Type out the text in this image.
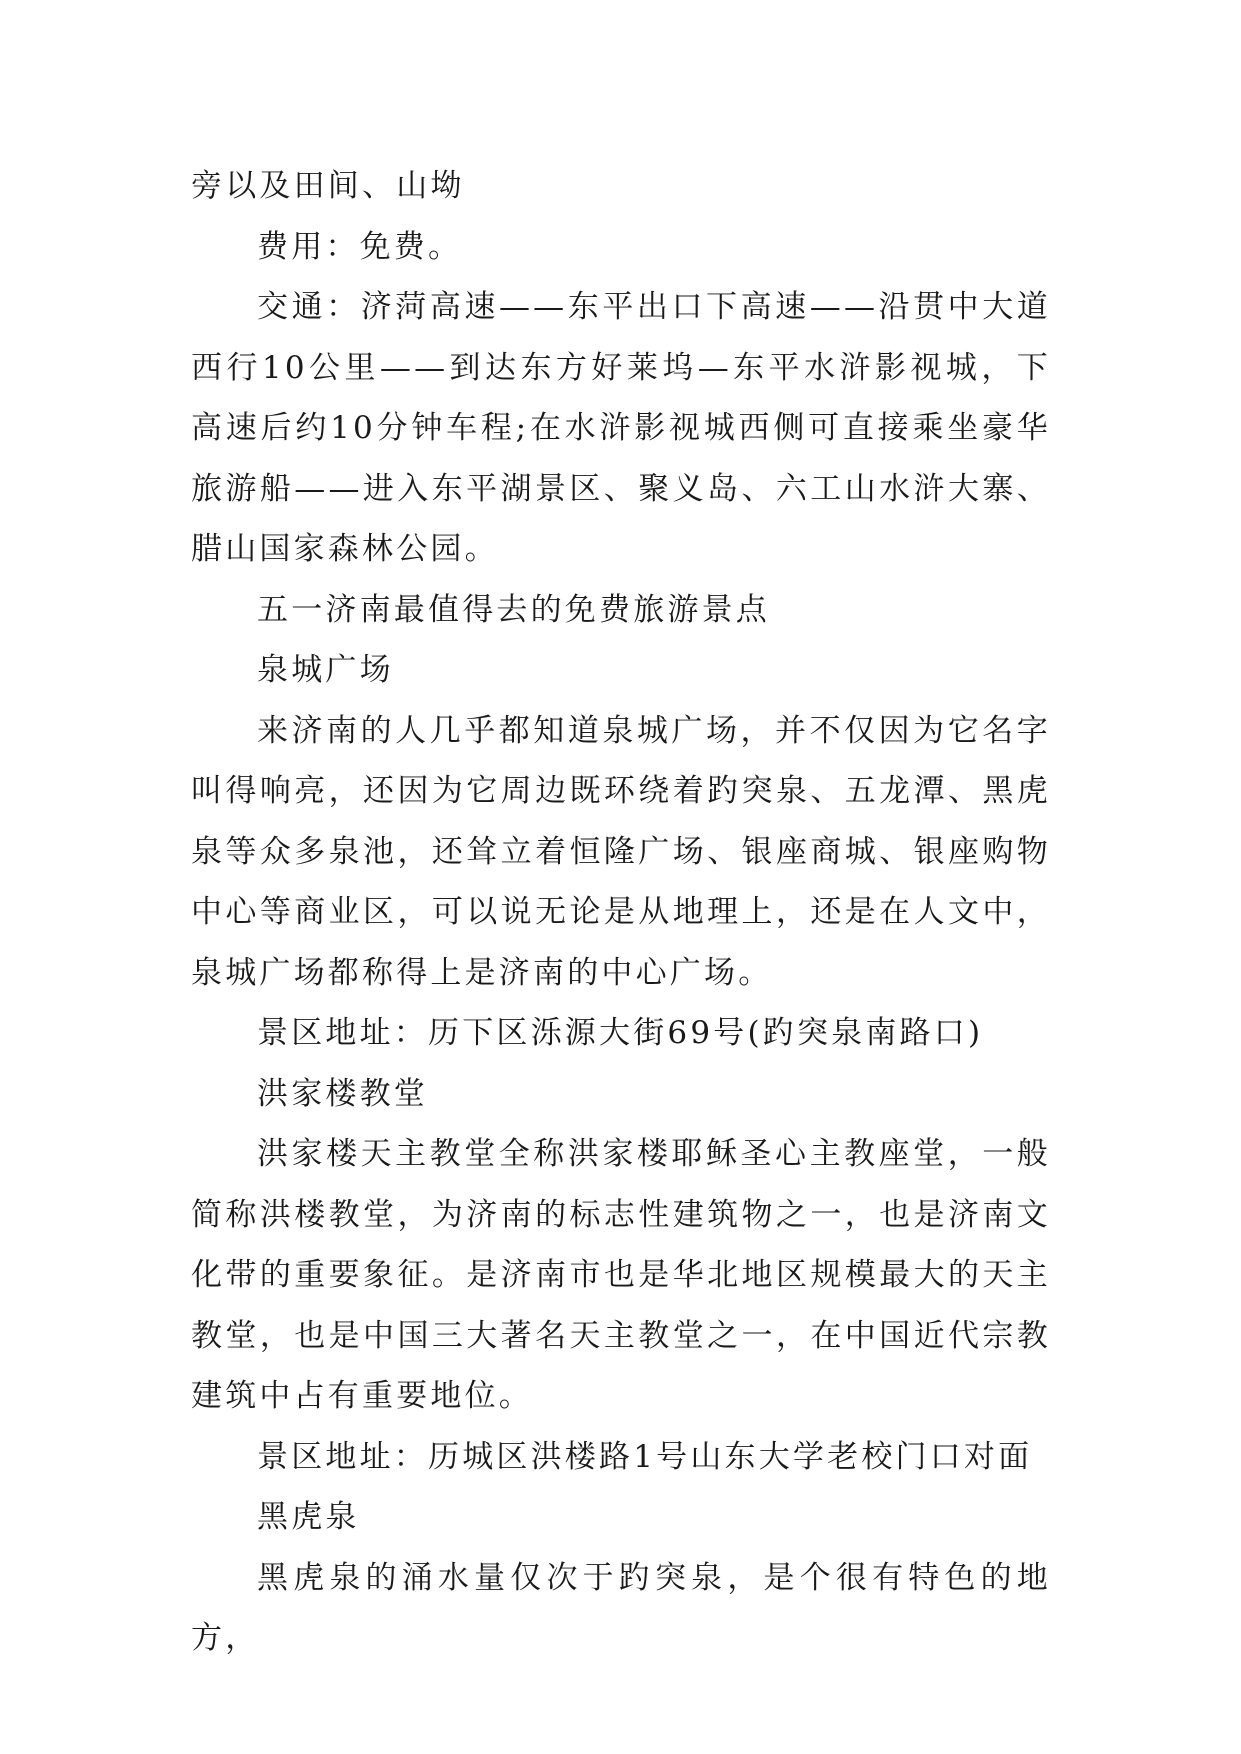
旁以及田间、山坳

费用：免费。

交通：济菏高速——东平出口下高速——沿贯中大道西行10公里——到达东方好莱坞—东平水浒影视城，下高速后约10分钟车程;在水浒影视城西侧可直接乘坐豪华旅游船——进入东平湖景区、聚义岛、六工山水浒大寨、腊山国家森林公园。

五一济南最值得去的免费旅游景点

泉城广场

来济南的人几乎都知道泉城广场，并不仅因为它名字叫得响亮，还因为它周边既环绕着趵突泉、五龙潭、黑虎泉等众多泉池，还耸立着恒隆广场、银座商城、银座购物中心等商业区，可以说无论是从地理上，还是在人文中，泉城广场都称得上是济南的中心广场。

景区地址：历下区泺源大街69号(趵突泉南路口)

洪家楼教堂

洪家楼天主教堂全称洪家楼耶稣圣心主教座堂，一般简称洪楼教堂，为济南的标志性建筑物之一，也是济南文化带的重要象征。是济南市也是华北地区规模最大的天主教堂，也是中国三大著名天主教堂之一，在中国近代宗教建筑中占有重要地位。

景区地址：历城区洪楼路1号山东大学老校门口对面

黑虎泉

黑虎泉的涌水量仅次于趵突泉，是个很有特色的地方，
